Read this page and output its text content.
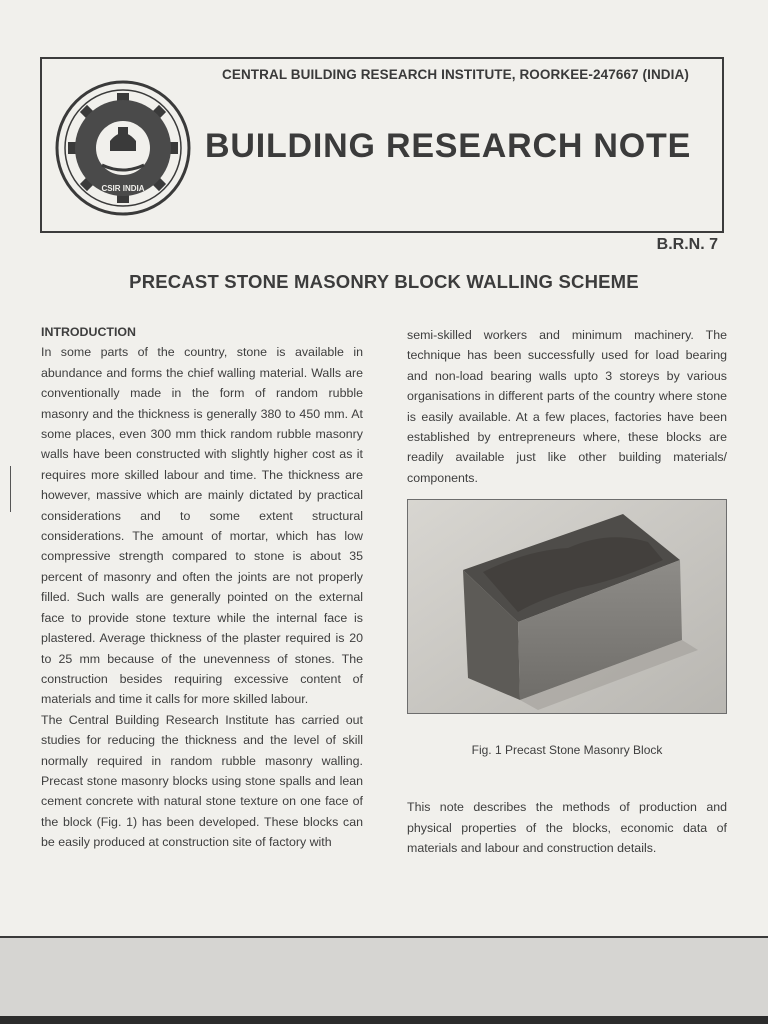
CSIR INDIA
CENTRAL BUILDING RESEARCH INSTITUTE, ROORKEE-247667 (INDIA)
BUILDING RESEARCH NOTE
B.R.N. 7
PRECAST STONE MASONRY BLOCK WALLING SCHEME

INTRODUCTION

In some parts of the country, stone is available in abundance and forms the chief walling material. Walls are conventionally made in the form of random rubble masonry and the thickness is generally 380 to 450 mm. At some places, even 300 mm thick random rubble masonry walls have been constructed with slightly higher cost as it requires more skilled labour and time. The thickness are however, massive which are mainly dictated by practical considerations and to some extent structural considerations. The amount of mortar, which has low compressive strength compared to stone is about 35 percent of masonry and often the joints are not properly filled. Such walls are generally pointed on the external face to provide stone texture while the internal face is plastered. Average thickness of the plaster required is 20 to 25 mm because of the unevenness of stones. The construction besides requiring excessive content of materials and time it calls for more skilled labour.

The Central Building Research Institute has carried out studies for reducing the thickness and the level of skill normally required in random rubble masonry walling. Precast stone masonry blocks using stone spalls and lean cement concrete with natural stone texture on one face of the block (Fig. 1) has been developed. These blocks can be easily produced at construction site of factory with

semi-skilled workers and minimum machinery. The technique has been successfully used for load bearing and non-load bearing walls upto 3 storeys by various organisations in different parts of the country where stone is easily available. At a few places, factories have been established by entrepreneurs where, these blocks are readily available just like other building materials/ components.

Fig. 1 Precast Stone Masonry Block

This note describes the methods of production and physical properties of the blocks, economic data of materials and labour and construction details.
